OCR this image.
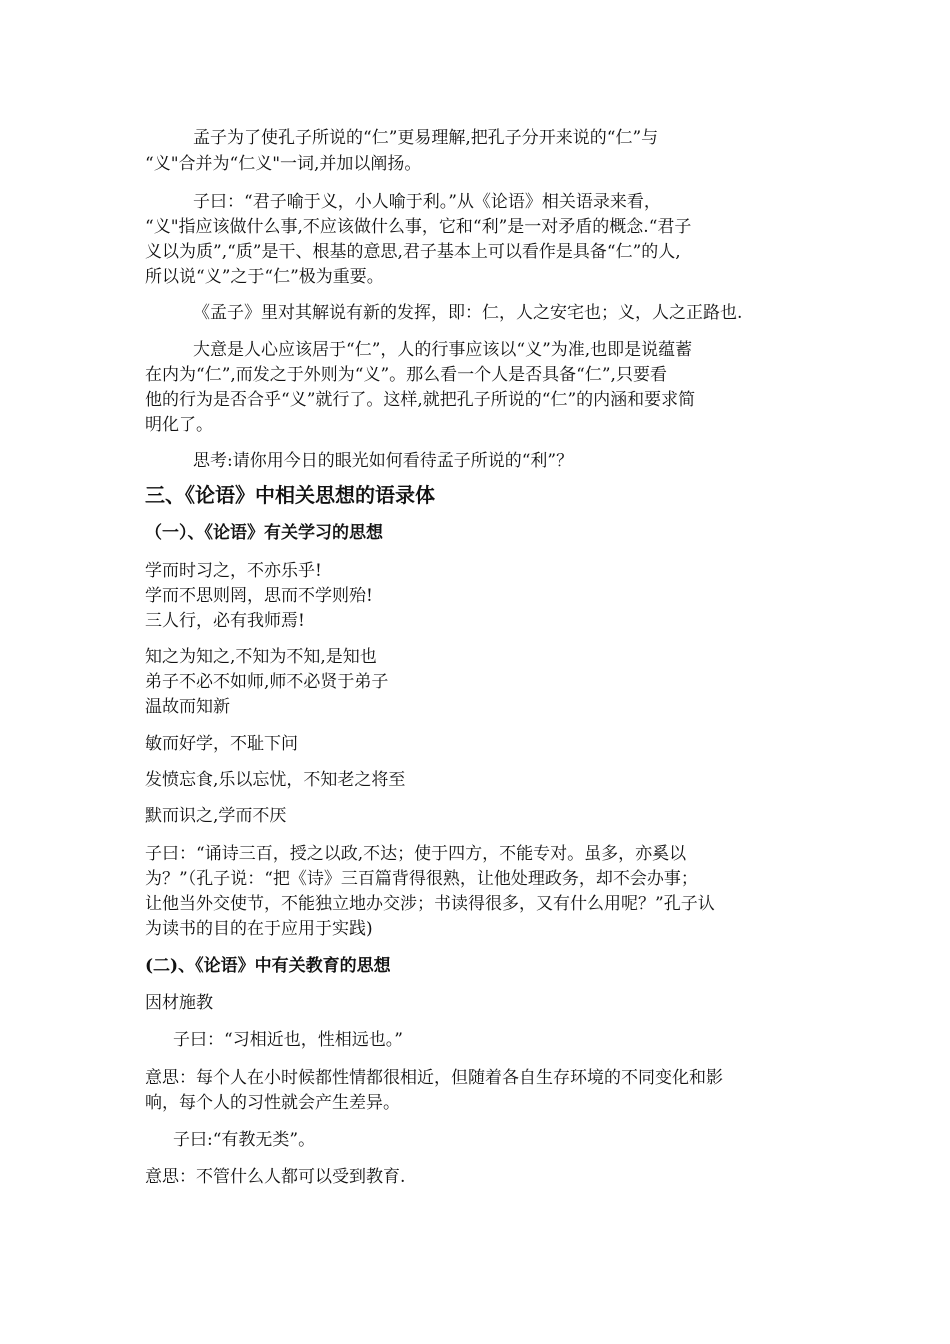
孟子为了使孔子所说的“仁”更易理解,把孔子分开来说的“仁”与

“义"合并为“仁义"一词,并加以阐扬。

子曰：“君子喻于义，小人喻于利。”从《论语》相关语录来看，

“义"指应该做什么事,不应该做什么事，它和“利”是一对矛盾的概念.“君子

义以为质”,“质”是干、根基的意思,君子基本上可以看作是具备“仁”的人,

所以说“义”之于“仁”极为重要。

《孟子》里对其解说有新的发挥，即：仁，人之安宅也；义，人之正路也.

大意是人心应该居于“仁”，人的行事应该以“义”为准,也即是说蕴蓄

在内为“仁”,而发之于外则为“义”。那么看一个人是否具备“仁”,只要看

他的行为是否合乎“义”就行了。这样,就把孔子所说的“仁”的内涵和要求简

明化了。

思考:请你用今日的眼光如何看待孟子所说的“利”？

三、《论语》中相关思想的语录体
（一）、《论语》有关学习的思想

学而时习之，不亦乐乎!

学而不思则罔，思而不学则殆!

三人行，必有我师焉!

知之为知之,不知为不知,是知也

弟子不必不如师,师不必贤于弟子

温故而知新

敏而好学，不耻下问

发愤忘食,乐以忘忧，不知老之将至

默而识之,学而不厌

子曰：“诵诗三百，授之以政,不达；使于四方，不能专对。虽多，亦奚以

为？”（孔子说：“把《诗》三百篇背得很熟，让他处理政务，却不会办事；

让他当外交使节，不能独立地办交涉；书读得很多，又有什么用呢？”孔子认

为读书的目的在于应用于实践)

(二)、《论语》中有关教育的思想

因材施教

子曰：“习相近也，性相远也。”

意思：每个人在小时候都性情都很相近，但随着各自生存环境的不同变化和影

响，每个人的习性就会产生差异。

子曰:“有教无类”。

意思：不管什么人都可以受到教育.
